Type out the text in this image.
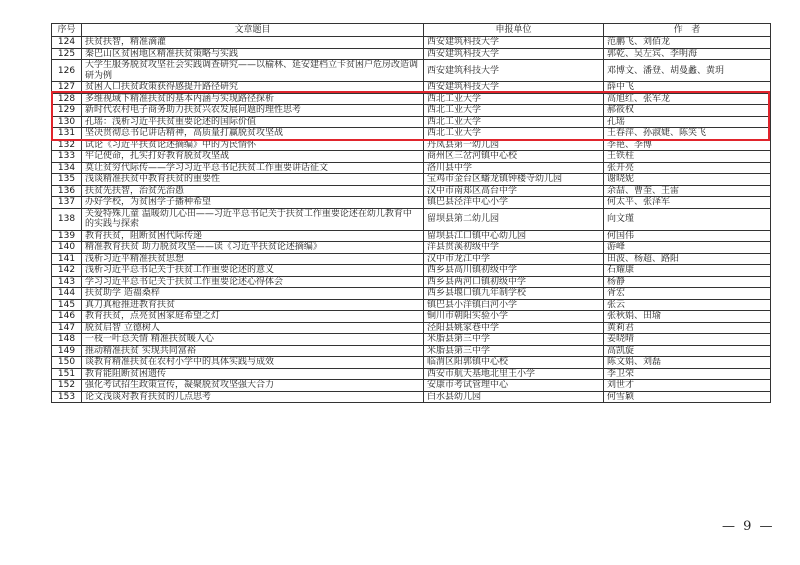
序号	文章题目	申报单位	作   者
124	扶贫扶智，精准滴灌	西安建筑科技大学	范鹏飞、刘佰龙
125	秦巴山区贫困地区精准扶贫策略与实践	西安建筑科技大学	郭乾、吴左宾、李明海
126	大学生服务脱贫攻坚社会实践调查研究——以榆林、延安建档立卡贫困户危房改造调研为例	西安建筑科技大学	邓博文、潘登、胡曼蠡、黄玥
127	贫困人口扶贫政策获得感提升路径研究	西安建筑科技大学	薛中飞
128	多维视域下精准扶贫的基本内涵与实现路径探析	西北工业大学	高旭红、张军龙
129	新时代农村电子商务助力扶贫兴农发展问题的理性思考	西北工业大学	郝筱权
130	孔瑶：浅析习近平扶贫重要论述的国际价值	西北工业大学	孔瑶
131	坚决贯彻总书记讲话精神，高质量打赢脱贫攻坚战	西北工业大学	王春萍、孙淑婕、陈笑飞
132	试论《习近平扶贫论述摘编》中的为民情怀	丹凤县第一幼儿园	李艳、李博
133	牢记使命，扎实打好教育脱贫攻坚战	商州区三岔河镇中心校	王铁柱
134	莫让贫穷代际传——学习习近平总书记扶贫工作重要讲话征文	洛川县中学	张开亮
135	浅谈精准扶贫中教育扶贫的重要性	宝鸡市金台区蟠龙镇钟楼寺幼儿园	谢晓妮
136	扶贫先扶智，治贫先治愚	汉中市南郑区高台中学	余喆、曹奎、王雷
137	办好学校，为贫困学子播种希望	镇巴县泾洋中心小学	何太平、张泽军
138	关爱特殊儿童 温暖幼儿心田——习近平总书记关于扶贫工作重要论述在幼儿教育中的实践与探索	留坝县第二幼儿园	向文瑾
139	教育扶贫，阻断贫困代际传递	留坝县江口镇中心幼儿园	何国伟
140	精准教育扶贫 助力脱贫攻坚——读《习近平扶贫论述摘编》	洋县贯溪初级中学	游峰
141	浅析习近平精准扶贫思想	汉中市龙江中学	田波、杨超、路阳
142	浅析习近平总书记关于扶贫工作重要论述的意义	西乡县高川镇初级中学	石耀康
143	学习习近平总书记关于扶贫工作重要论述心得体会	西乡县两河口镇初级中学	杨静
144	扶贫助学 造福桑梓	西乡县堰口镇九年制学校	胥宏
145	真刀真枪推进教育扶贫	镇巴县小洋镇白河小学	张云
146	教育扶贫，点亮贫困家庭希望之灯	铜川市朝阳实验小学	张秋娟、田瑜
147	脱贫启智 立德树人	泾阳县姚家巷中学	黄莉君
148	一枝一叶总关情 精准扶贫暖人心	米脂县第三中学	姜晓晴
149	推动精准扶贫 实现共同富裕	米脂县第三中学	高凯旋
150	谈教育精准扶贫在农村小学中的具体实践与成效	临渭区阳郭镇中心校	陈文娟、刘磊
151	教育能阻断贫困遗传	西安市航天基地北里王小学	李卫荣
152	强化考试招生政策宣传，凝聚脱贫攻坚强大合力	安康市考试管理中心	刘世才
153	论文浅谈对教育扶贫的几点思考	白水县幼儿园	何雪颖
— 9 —
